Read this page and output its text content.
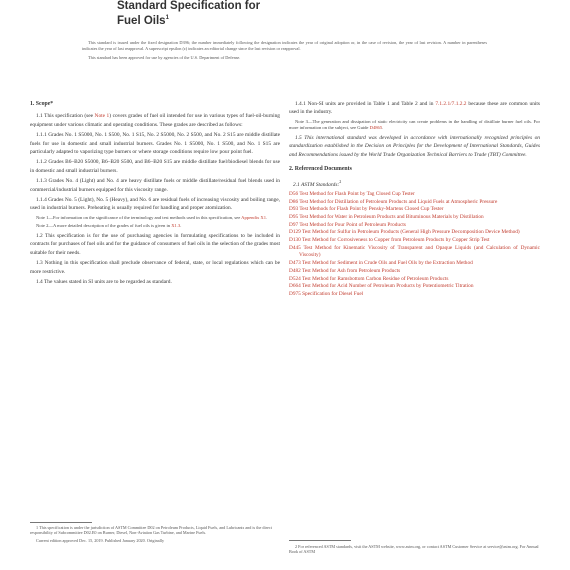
Standard Specification for
Fuel Oils$^1$

This standard is issued under the fixed designation D396; the number immediately following the designation indicates the year of original adoption or, in the case of revision, the year of last revision. A number in parentheses indicates the year of last reapproval. A superscript epsilon (ε) indicates an editorial change since the last revision or reapproval.

This standard has been approved for use by agencies of the U.S. Department of Defense.

1. Scope*

1.1 This specification (see Note 1) covers grades of fuel oil intended for use in various types of fuel-oil-burning equipment under various climatic and operating conditions. These grades are described as follows:

1.1.1 Grades No. 1 S5000, No. 1 S500, No. 1 S15, No. 2 S5000, No. 2 S500, and No. 2 S15 are middle distillate fuels for use in domestic and small industrial burners. Grades No. 1 S5000, No. 1 S500, and No. 1 S15 are particularly adapted to vaporizing type burners or where storage conditions require low pour point fuel.

1.1.2 Grades B6–B20 S5000, B6–B20 S500, and B6–B20 S15 are middle distillate fuel/biodiesel blends for use in domestic and small industrial burners.

1.1.3 Grades No. 4 (Light) and No. 4 are heavy distillate fuels or middle distillate/residual fuel blends used in commercial/industrial burners equipped for this viscosity range.

1.1.4 Grades No. 5 (Light), No. 5 (Heavy), and No. 6 are residual fuels of increasing viscosity and boiling range, used in industrial burners. Preheating is usually required for handling and proper atomization.

Note 1—For information on the significance of the terminology and test methods used in this specification, see Appendix X1.

Note 2—A more detailed description of the grades of fuel oils is given in X1.3.

1.2 This specification is for the use of purchasing agencies in formulating specifications to be included in contracts for purchases of fuel oils and for the guidance of consumers of fuel oils in the selection of the grades most suitable for their needs.

1.3 Nothing in this specification shall preclude observance of federal, state, or local regulations which can be more restrictive.

1.4 The values stated in SI units are to be regarded as standard.

1.4.1 Non-SI units are provided in Table 1 and Table 2 and in 7.1.2.1/7.1.2.2 because these are common units used in the industry.

Note 3—The generation and dissipation of static electricity can create problems in the handling of distillate burner fuel oils. For more information on the subject, see Guide D4865.

1.5 This international standard was developed in accordance with internationally recognized principles on standardization established in the Decision on Principles for the Development of International Standards, Guides and Recommendations issued by the World Trade Organization Technical Barriers to Trade (TBT) Committee.

2. Referenced Documents

2.1 ASTM Standards:$^2$

D56 Test Method for Flash Point by Tag Closed Cup Tester
D86 Test Method for Distillation of Petroleum Products and Liquid Fuels at Atmospheric Pressure
D93 Test Methods for Flash Point by Pensky-Martens Closed Cup Tester
D95 Test Method for Water in Petroleum Products and Bituminous Materials by Distillation
D97 Test Method for Pour Point of Petroleum Products
D129 Test Method for Sulfur in Petroleum Products (General High Pressure Decomposition Device Method)
D130 Test Method for Corrosiveness to Copper from Petroleum Products by Copper Strip Test
D445 Test Method for Kinematic Viscosity of Transparent and Opaque Liquids (and Calculation of Dynamic Viscosity)
D473 Test Method for Sediment in Crude Oils and Fuel Oils by the Extraction Method
D482 Test Method for Ash from Petroleum Products
D524 Test Method for Ramsbottom Carbon Residue of Petroleum Products
D664 Test Method for Acid Number of Petroleum Products by Potentiometric Titration
D975 Specification for Diesel Fuel

1 This specification is under the jurisdiction of ASTM Committee D02 on Petroleum Products, Liquid Fuels, and Lubricants and is the direct responsibility of Subcommittee D02.E0 on Burner, Diesel, Non-Aviation Gas Turbine, and Marine Fuels.

Current edition approved Dec. 15, 2019. Published January 2020. Originally

2 For referenced ASTM standards, visit the ASTM website, www.astm.org, or contact ASTM Customer Service at service@astm.org. For Annual Book of ASTM
